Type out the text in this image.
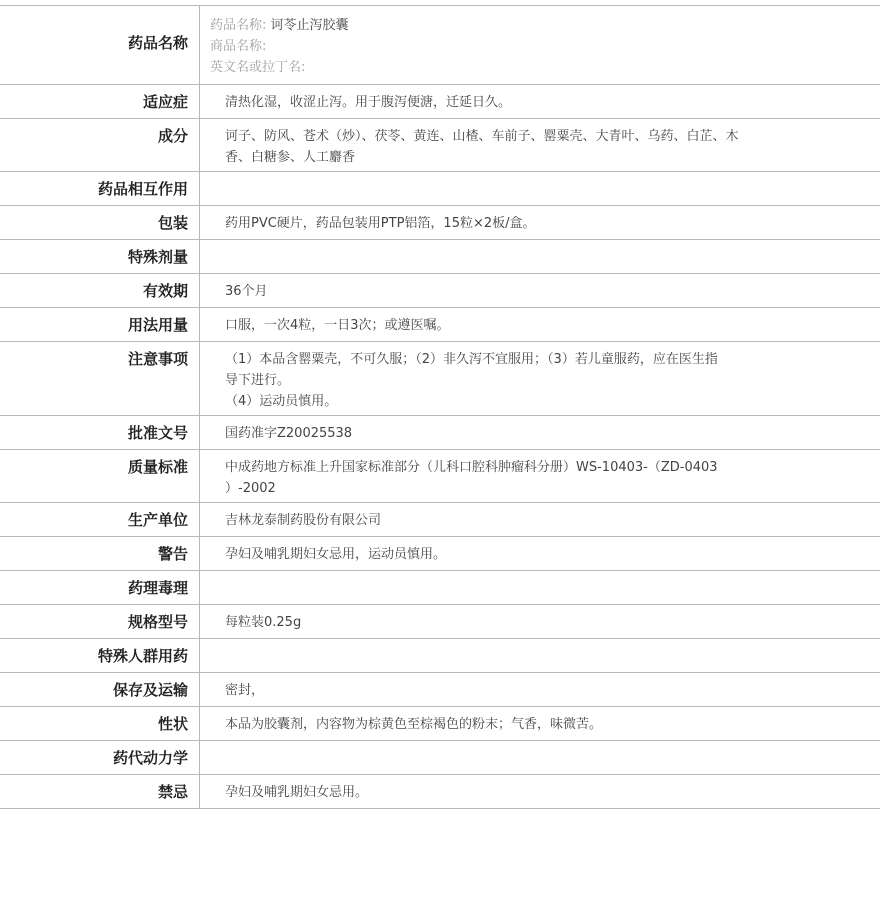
药品名称
药品名称: 诃苓止泻胶囊
商品名称:
英文名或拉丁名:
适应症	清热化湿，收涩止泻。用于腹泻便溏，迁延日久。
成分	诃子、防风、苍术（炒）、茯苓、黄连、山楂、车前子、罂粟壳、大青叶、乌药、白芷、木
香、白糖参、人工麝香
药品相互作用
包装	药用PVC硬片，药品包装用PTP铝箔，15粒×2板/盒。
特殊剂量
有效期	36个月
用法用量	口服，一次4粒，一日3次；或遵医嘱。
注意事项	（1）本品含罂粟壳，不可久服；（2）非久泻不宜服用；（3）若儿童服药，应在医生指
导下进行。
（4）运动员慎用。
批准文号	国药准字Z20025538
质量标准	中成药地方标准上升国家标准部分（儿科口腔科肿瘤科分册）WS-10403-（ZD-0403
）-2002
生产单位	吉林龙泰制药股份有限公司
警告	孕妇及哺乳期妇女忌用，运动员慎用。
药理毒理
规格型号	每粒装0.25g
特殊人群用药
保存及运输	密封，
性状	本品为胶囊剂，内容物为棕黄色至棕褐色的粉末；气香，味微苦。
药代动力学
禁忌	孕妇及哺乳期妇女忌用。
